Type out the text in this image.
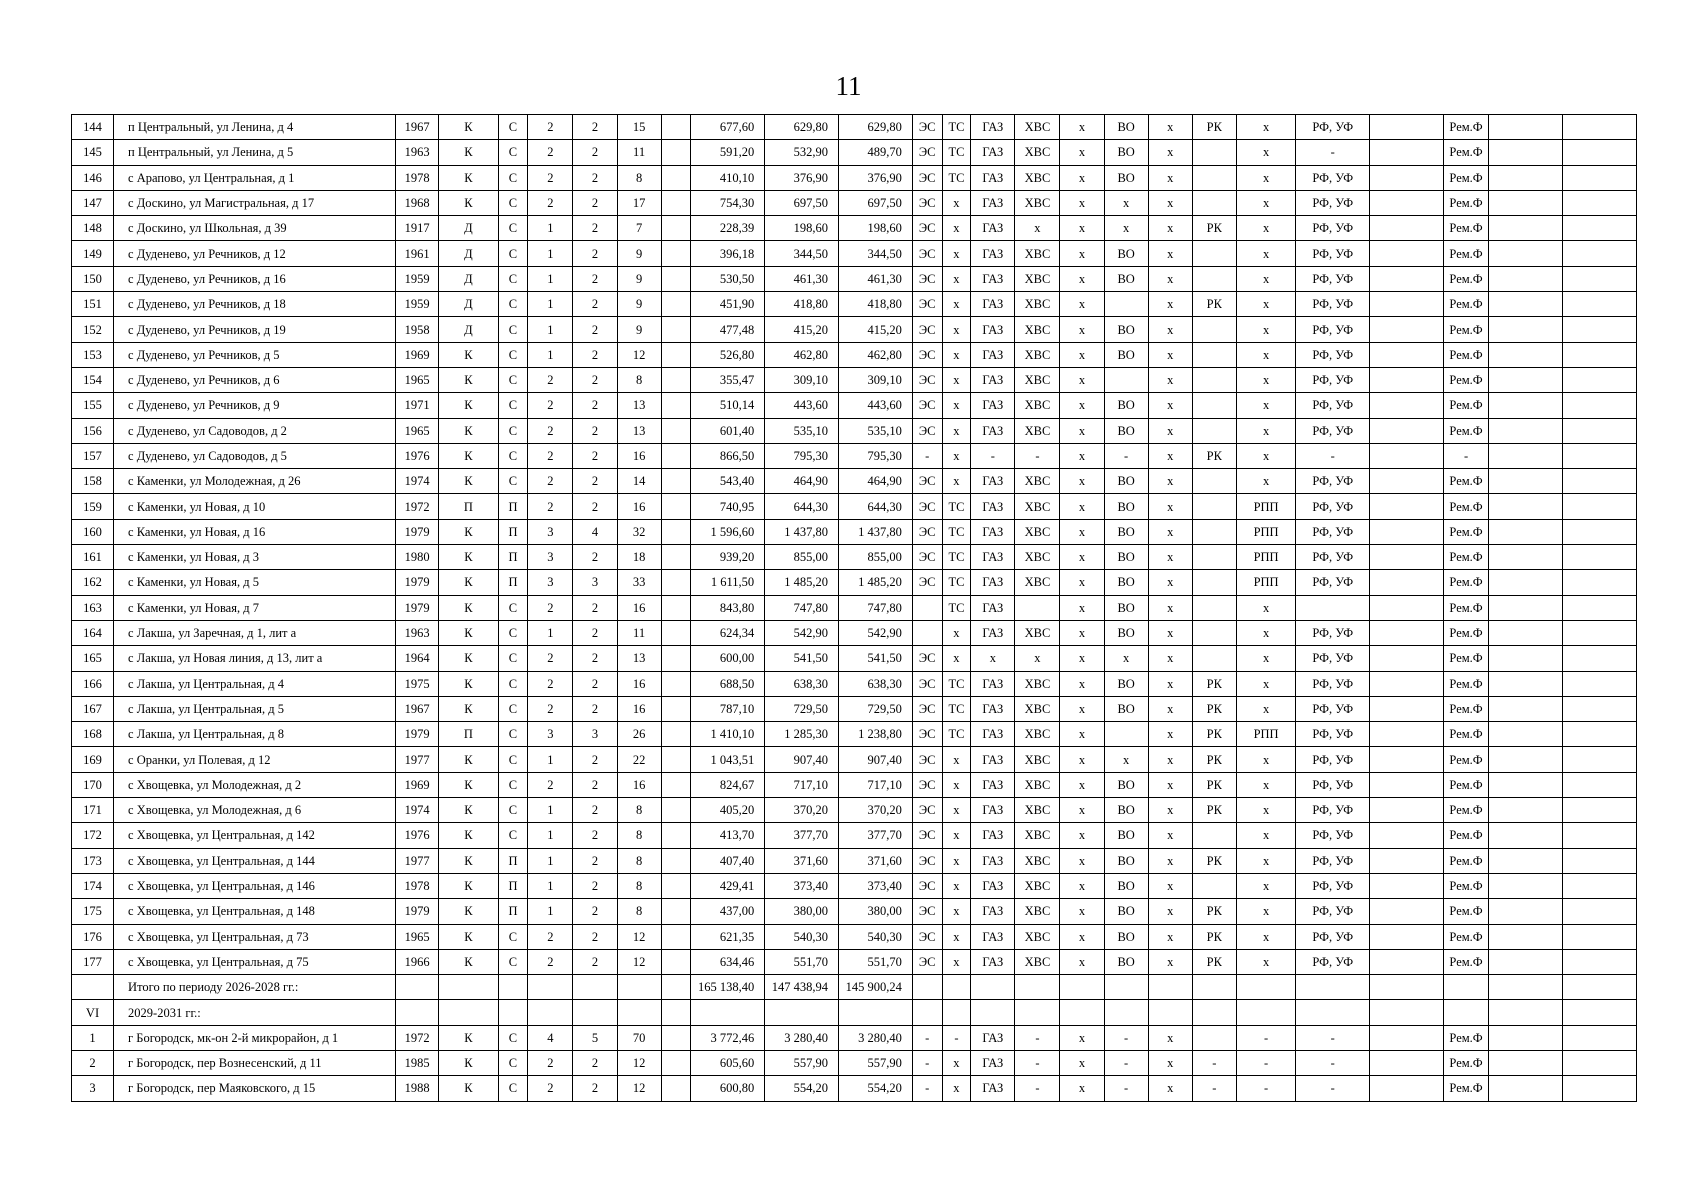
11
144	п Центральный, ул Ленина, д 4	1967	К	С	2	2	15		677,60	629,80	629,80	ЭС	ТС	ГАЗ	ХВС	х	ВО	х	РК	х	РФ, УФ		Рем.Ф		
145	п Центральный, ул Ленина, д 5	1963	К	С	2	2	11		591,20	532,90	489,70	ЭС	ТС	ГАЗ	ХВС	х	ВО	х		х	-		Рем.Ф		
146	с Арапово, ул Центральная, д 1	1978	К	С	2	2	8		410,10	376,90	376,90	ЭС	ТС	ГАЗ	ХВС	х	ВО	х		х	РФ, УФ		Рем.Ф		
147	с Доскино, ул Магистральная, д 17	1968	К	С	2	2	17		754,30	697,50	697,50	ЭС	х	ГАЗ	ХВС	х	х	х		х	РФ, УФ		Рем.Ф		
148	с Доскино, ул Школьная, д 39	1917	Д	С	1	2	7		228,39	198,60	198,60	ЭС	х	ГАЗ	х	х	х	х	РК	х	РФ, УФ		Рем.Ф		
149	с Дуденево, ул Речников, д 12	1961	Д	С	1	2	9		396,18	344,50	344,50	ЭС	х	ГАЗ	ХВС	х	ВО	х		х	РФ, УФ		Рем.Ф		
150	с Дуденево, ул Речников, д 16	1959	Д	С	1	2	9		530,50	461,30	461,30	ЭС	х	ГАЗ	ХВС	х	ВО	х		х	РФ, УФ		Рем.Ф		
151	с Дуденево, ул Речников, д 18	1959	Д	С	1	2	9		451,90	418,80	418,80	ЭС	х	ГАЗ	ХВС	х		х	РК	х	РФ, УФ		Рем.Ф		
152	с Дуденево, ул Речников, д 19	1958	Д	С	1	2	9		477,48	415,20	415,20	ЭС	х	ГАЗ	ХВС	х	ВО	х		х	РФ, УФ		Рем.Ф		
153	с Дуденево, ул Речников, д 5	1969	К	С	1	2	12		526,80	462,80	462,80	ЭС	х	ГАЗ	ХВС	х	ВО	х		х	РФ, УФ		Рем.Ф		
154	с Дуденево, ул Речников, д 6	1965	К	С	2	2	8		355,47	309,10	309,10	ЭС	х	ГАЗ	ХВС	х		х		х	РФ, УФ		Рем.Ф		
155	с Дуденево, ул Речников, д 9	1971	К	С	2	2	13		510,14	443,60	443,60	ЭС	х	ГАЗ	ХВС	х	ВО	х		х	РФ, УФ		Рем.Ф		
156	с Дуденево, ул Садоводов, д 2	1965	К	С	2	2	13		601,40	535,10	535,10	ЭС	х	ГАЗ	ХВС	х	ВО	х		х	РФ, УФ		Рем.Ф		
157	с Дуденево, ул Садоводов, д 5	1976	К	С	2	2	16		866,50	795,30	795,30	-	х	-	-	х	-	х	РК	х	-		-		
158	с Каменки, ул Молодежная, д 26	1974	К	С	2	2	14		543,40	464,90	464,90	ЭС	х	ГАЗ	ХВС	х	ВО	х		х	РФ, УФ		Рем.Ф		
159	с Каменки, ул Новая, д 10	1972	П	П	2	2	16		740,95	644,30	644,30	ЭС	ТС	ГАЗ	ХВС	х	ВО	х		РПП	РФ, УФ		Рем.Ф		
160	с Каменки, ул Новая, д 16	1979	К	П	3	4	32		1 596,60	1 437,80	1 437,80	ЭС	ТС	ГАЗ	ХВС	х	ВО	х		РПП	РФ, УФ		Рем.Ф		
161	с Каменки, ул Новая, д 3	1980	К	П	3	2	18		939,20	855,00	855,00	ЭС	ТС	ГАЗ	ХВС	х	ВО	х		РПП	РФ, УФ		Рем.Ф		
162	с Каменки, ул Новая, д 5	1979	К	П	3	3	33		1 611,50	1 485,20	1 485,20	ЭС	ТС	ГАЗ	ХВС	х	ВО	х		РПП	РФ, УФ		Рем.Ф		
163	с Каменки, ул Новая, д 7	1979	К	С	2	2	16		843,80	747,80	747,80		ТС	ГАЗ		х	ВО	х		х			Рем.Ф		
164	с Лакша, ул Заречная, д 1, лит а	1963	К	С	1	2	11		624,34	542,90	542,90		х	ГАЗ	ХВС	х	ВО	х		х	РФ, УФ		Рем.Ф		
165	с Лакша, ул Новая линия, д 13, лит а	1964	К	С	2	2	13		600,00	541,50	541,50	ЭС	х	х	х	х	х	х		х	РФ, УФ		Рем.Ф		
166	с Лакша, ул Центральная, д 4	1975	К	С	2	2	16		688,50	638,30	638,30	ЭС	ТС	ГАЗ	ХВС	х	ВО	х	РК	х	РФ, УФ		Рем.Ф		
167	с Лакша, ул Центральная, д 5	1967	К	С	2	2	16		787,10	729,50	729,50	ЭС	ТС	ГАЗ	ХВС	х	ВО	х	РК	х	РФ, УФ		Рем.Ф		
168	с Лакша, ул Центральная, д 8	1979	П	С	3	3	26		1 410,10	1 285,30	1 238,80	ЭС	ТС	ГАЗ	ХВС	х		х	РК	РПП	РФ, УФ		Рем.Ф		
169	с Оранки, ул Полевая, д 12	1977	К	С	1	2	22		1 043,51	907,40	907,40	ЭС	х	ГАЗ	ХВС	х	х	х	РК	х	РФ, УФ		Рем.Ф		
170	с Хвощевка, ул Молодежная, д 2	1969	К	С	2	2	16		824,67	717,10	717,10	ЭС	х	ГАЗ	ХВС	х	ВО	х	РК	х	РФ, УФ		Рем.Ф		
171	с Хвощевка, ул Молодежная, д 6	1974	К	С	1	2	8		405,20	370,20	370,20	ЭС	х	ГАЗ	ХВС	х	ВО	х	РК	х	РФ, УФ		Рем.Ф		
172	с Хвощевка, ул Центральная, д 142	1976	К	С	1	2	8		413,70	377,70	377,70	ЭС	х	ГАЗ	ХВС	х	ВО	х		х	РФ, УФ		Рем.Ф		
173	с Хвощевка, ул Центральная, д 144	1977	К	П	1	2	8		407,40	371,60	371,60	ЭС	х	ГАЗ	ХВС	х	ВО	х	РК	х	РФ, УФ		Рем.Ф		
174	с Хвощевка, ул Центральная, д 146	1978	К	П	1	2	8		429,41	373,40	373,40	ЭС	х	ГАЗ	ХВС	х	ВО	х		х	РФ, УФ		Рем.Ф		
175	с Хвощевка, ул Центральная, д 148	1979	К	П	1	2	8		437,00	380,00	380,00	ЭС	х	ГАЗ	ХВС	х	ВО	х	РК	х	РФ, УФ		Рем.Ф		
176	с Хвощевка, ул Центральная, д 73	1965	К	С	2	2	12		621,35	540,30	540,30	ЭС	х	ГАЗ	ХВС	х	ВО	х	РК	х	РФ, УФ		Рем.Ф		
177	с Хвощевка, ул Центральная, д 75	1966	К	С	2	2	12		634,46	551,70	551,70	ЭС	х	ГАЗ	ХВС	х	ВО	х	РК	х	РФ, УФ		Рем.Ф		
	Итого по периоду 2026-2028 гг.:								165 138,40	147 438,94	145 900,24														
VI	2029-2031 гг.:																								
1	г Богородск, мк-он 2-й микрорайон, д 1	1972	К	С	4	5	70		3 772,46	3 280,40	3 280,40	-	-	ГАЗ	-	х	-	х		-	-		Рем.Ф		
2	г Богородск, пер Вознесенский, д 11	1985	К	С	2	2	12		605,60	557,90	557,90	-	х	ГАЗ	-	х	-	х	-	-	-		Рем.Ф		
3	г Богородск, пер Маяковского, д 15	1988	К	С	2	2	12		600,80	554,20	554,20	-	х	ГАЗ	-	х	-	х	-	-	-		Рем.Ф		
